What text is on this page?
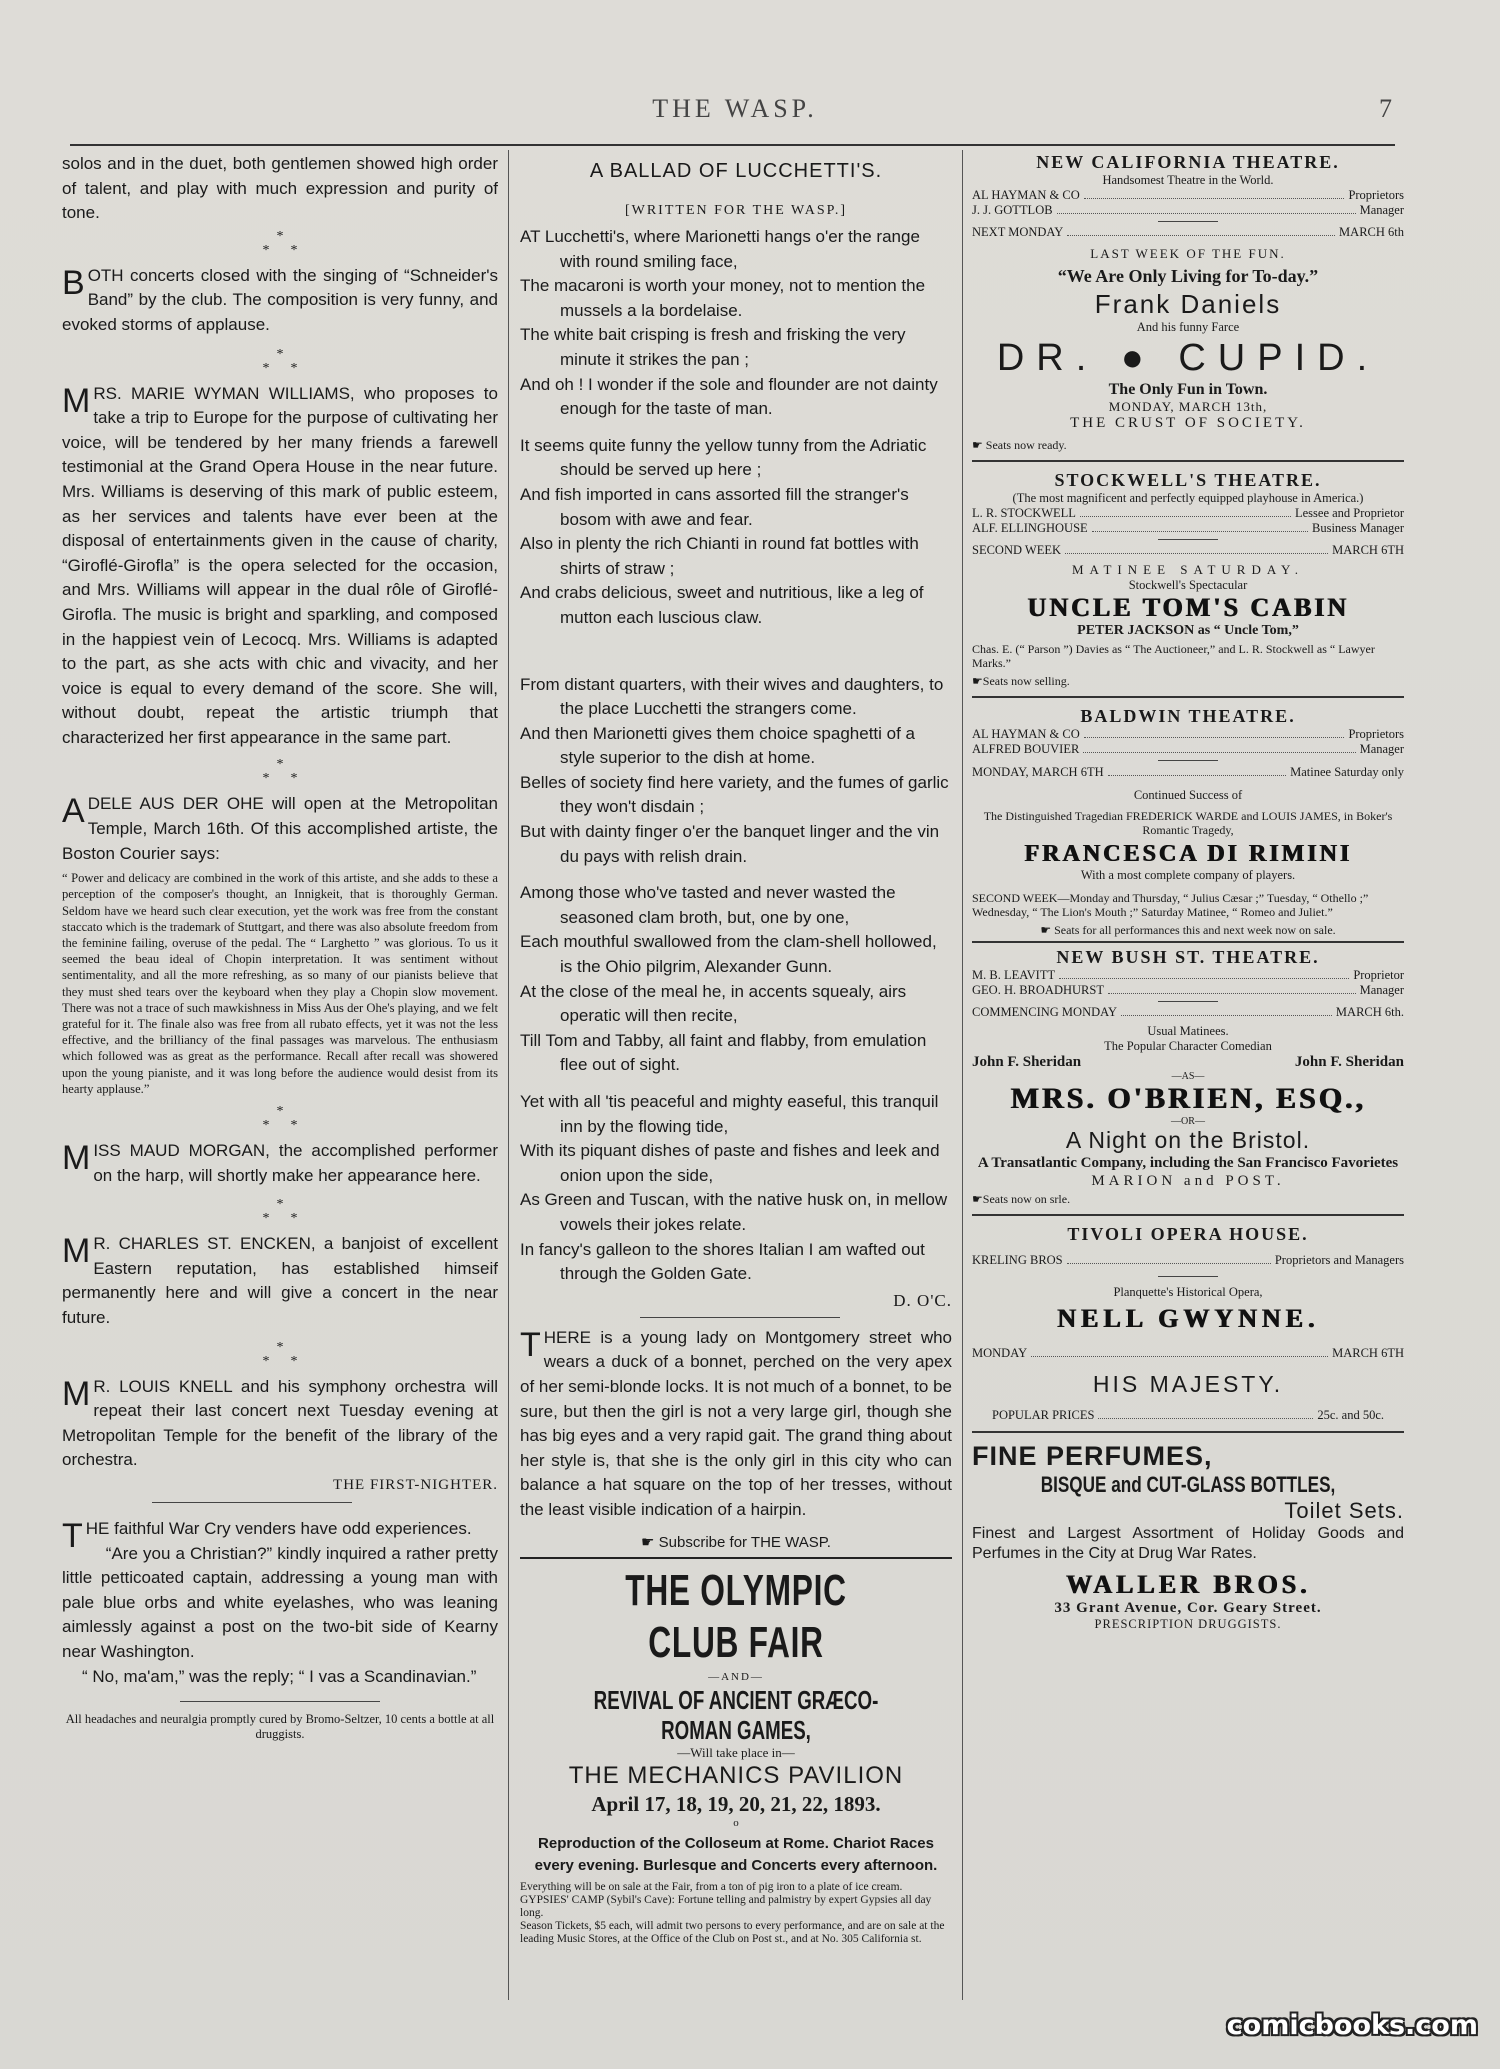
THE WASP.	7

solos and in the duet, both gentlemen showed high order of talent, and play with much expression and purity of tone.

*
*      *

BOTH concerts closed with the singing of “Schneider's Band” by the club. The composition is very funny, and evoked storms of applause.

*
*      *

MRS. MARIE WYMAN WILLIAMS, who proposes to take a trip to Europe for the purpose of cultivating her voice, will be tendered by her many friends a farewell testimonial at the Grand Opera House in the near future. Mrs. Williams is deserving of this mark of public esteem, as her services and talents have ever been at the disposal of entertainments given in the cause of charity, “Giroflé-Girofla” is the opera selected for the occasion, and Mrs. Williams will appear in the dual rôle of Giroflé-Girofla. The music is bright and sparkling, and composed in the happiest vein of Lecocq. Mrs. Williams is adapted to the part, as she acts with chic and vivacity, and her voice is equal to every demand of the score. She will, without doubt, repeat the artistic triumph that characterized her first appearance in the same part.

*
*      *

ADELE AUS DER OHE will open at the Metropolitan Temple, March 16th. Of this accomplished artiste, the Boston Courier says:

“ Power and delicacy are combined in the work of this artiste, and she adds to these a perception of the composer's thought, an Innigkeit, that is thoroughly German. Seldom have we heard such clear execution, yet the work was free from the constant staccato which is the trademark of Stuttgart, and there was also absolute freedom from the feminine failing, overuse of the pedal. The “ Larghetto ” was glorious. To us it seemed the beau ideal of Chopin interpretation. It was sentiment without sentimentality, and all the more refreshing, as so many of our pianists believe that they must shed tears over the keyboard when they play a Chopin slow movement. There was not a trace of such mawkishness in Miss Aus der Ohe's playing, and we felt grateful for it. The finale also was free from all rubato effects, yet it was not the less effective, and the brilliancy of the final passages was marvelous. The enthusiasm which followed was as great as the performance. Recall after recall was showered upon the young pianiste, and it was long before the audience would desist from its hearty applause.”

*
*      *

MISS MAUD MORGAN, the accomplished performer on the harp, will shortly make her appearance here.

*
*      *

M R. CHARLES ST. ENCKEN, a banjoist of excellent Eastern reputation, has established himseif permanently here and will give a concert in the near future.

*
*      *

M R. LOUIS KNELL and his symphony orchestra will repeat their last concert next Tuesday evening at Metropolitan Temple for the benefit of the library of the orchestra.

THE FIRST-NIGHTER.

THE faithful War Cry venders have odd experiences.

“Are you a Christian?” kindly inquired a rather pretty little petticoated captain, addressing a young man with pale blue orbs and white eyelashes, who was leaning aimlessly against a post on the two-bit side of Kearny near Washington.

“ No, ma'am,” was the reply; “ I vas a Scandinavian.”

All headaches and neuralgia promptly cured by Bromo-Seltzer, 10 cents a bottle at all druggists.

A BALLAD OF LUCCHETTI'S.
[WRITTEN FOR THE WASP.]

AT Lucchetti's, where Marionetti hangs o'er the range with round smiling face,

The macaroni is worth your money, not to mention the mussels a la bordelaise.

The white bait crisping is fresh and frisking the very minute it strikes the pan ;

And oh ! I wonder if the sole and flounder are not dainty enough for the taste of man.

It seems quite funny the yellow tunny from the Adriatic should be served up here ;

And fish imported in cans assorted fill the stranger's bosom with awe and fear.

Also in plenty the rich Chianti in round fat bottles with shirts of straw ;

And crabs delicious, sweet and nutritious, like a leg of mutton each luscious claw.

From distant quarters, with their wives and daughters, to the place Lucchetti the strangers come.

And then Marionetti gives them choice spaghetti of a style superior to the dish at home.

Belles of society find here variety, and the fumes of garlic they won't disdain ;

But with dainty finger o'er the banquet linger and the vin du pays with relish drain.

Among those who've tasted and never wasted the seasoned clam broth, but, one by one,

Each mouthful swallowed from the clam-shell hollowed, is the Ohio pilgrim, Alexander Gunn.

At the close of the meal he, in accents squealy, airs operatic will then recite,

Till Tom and Tabby, all faint and flabby, from emulation flee out of sight.

Yet with all 'tis peaceful and mighty easeful, this tranquil inn by the flowing tide,

With its piquant dishes of paste and fishes and leek and onion upon the side,

As Green and Tuscan, with the native husk on, in mellow vowels their jokes relate.

In fancy's galleon to the shores Italian I am wafted out through the Golden Gate.

D. O'C.

THERE is a young lady on Montgomery street who wears a duck of a bonnet, perched on the very apex of her semi-blonde locks. It is not much of a bonnet, to be sure, but then the girl is not a very large girl, though she has big eyes and a very rapid gait. The grand thing about her style is, that she is the only girl in this city who can balance a hat square on the top of her tresses, without the least visible indication of a hairpin.

☛ Subscribe for THE WASP.
THE OLYMPIC CLUB FAIR
—AND—
REVIVAL OF ANCIENT GRÆCO-ROMAN GAMES,
—Will take place in—
THE MECHANICS PAVILION
April 17, 18, 19, 20, 21, 22, 1893.
o
Reproduction of the Colloseum at Rome. Chariot Races every evening. Burlesque and Concerts every afternoon.

Everything will be on sale at the Fair, from a ton of pig iron to a plate of ice cream.

GYPSIES' CAMP (Sybil's Cave): Fortune telling and palmistry by expert Gypsies all day long.

Season Tickets, $5 each, will admit two persons to every performance, and are on sale at the leading Music Stores, at the Office of the Club on Post st., and at No. 305 California st.

NEW CALIFORNIA THEATRE.
Handsomest Theatre in the World.
AL HAYMAN & CO	Proprietors
J. J. GOTTLOB	Manager
NEXT MONDAY	MARCH 6th
LAST WEEK OF THE FUN.
“We Are Only Living for To-day.”
Frank Daniels
And his funny Farce
DR. ● CUPID.
The Only Fun in Town.
MONDAY, MARCH 13th,
THE CRUST OF SOCIETY.
☛ Seats now ready.
STOCKWELL'S THEATRE.
(The most magnificent and perfectly equipped playhouse in America.)
L. R. STOCKWELL	Lessee and Proprietor
ALF. ELLINGHOUSE	Business Manager
SECOND WEEK	MARCH 6TH
MATINEE SATURDAY.
Stockwell's Spectacular
UNCLE TOM'S CABIN
PETER JACKSON as “ Uncle Tom,”

Chas. E. (“ Parson ”) Davies as “ The Auctioneer,” and L. R. Stockwell as “ Lawyer Marks.”

☛Seats now selling.
BALDWIN THEATRE.
AL HAYMAN & CO	Proprietors
ALFRED BOUVIER	Manager
MONDAY, MARCH 6TH	Matinee Saturday only
Continued Success of

The Distinguished Tragedian FREDERICK WARDE and LOUIS JAMES, in Boker's Romantic Tragedy,

FRANCESCA DI RIMINI
With a most complete company of players.

SECOND WEEK—Monday and Thursday, “ Julius Cæsar ;” Tuesday, “ Othello ;” Wednesday, “ The Lion's Mouth ;” Saturday Matinee, “ Romeo and Juliet.”

☛ Seats for all performances this and next week now on sale.
NEW BUSH ST. THEATRE.
M. B. LEAVITT	Proprietor
GEO. H. BROADHURST	Manager
COMMENCING MONDAY	MARCH 6th.
Usual Matinees.
The Popular Character Comedian
John F. Sheridan	John F. Sheridan
—AS—
MRS. O'BRIEN, ESQ.,
—OR—
A Night on the Bristol.
A Transatlantic Company, including the San Francisco Favorietes
MARION and POST.
☛Seats now on srle.
TIVOLI OPERA HOUSE.
KRELING BROS	Proprietors and Managers
Planquette's Historical Opera,
NELL GWYNNE.
MONDAY	MARCH 6TH
HIS MAJESTY.
POPULAR PRICES	25c. and 50c.
FINE PERFUMES,
BISQUE and CUT-GLASS BOTTLES,
Toilet Sets.

Finest and Largest Assortment of Holiday Goods and Perfumes in the City at Drug War Rates.

WALLER BROS.
33 Grant Avenue, Cor. Geary Street.
PRESCRIPTION DRUGGISTS.
comicbooks.com
